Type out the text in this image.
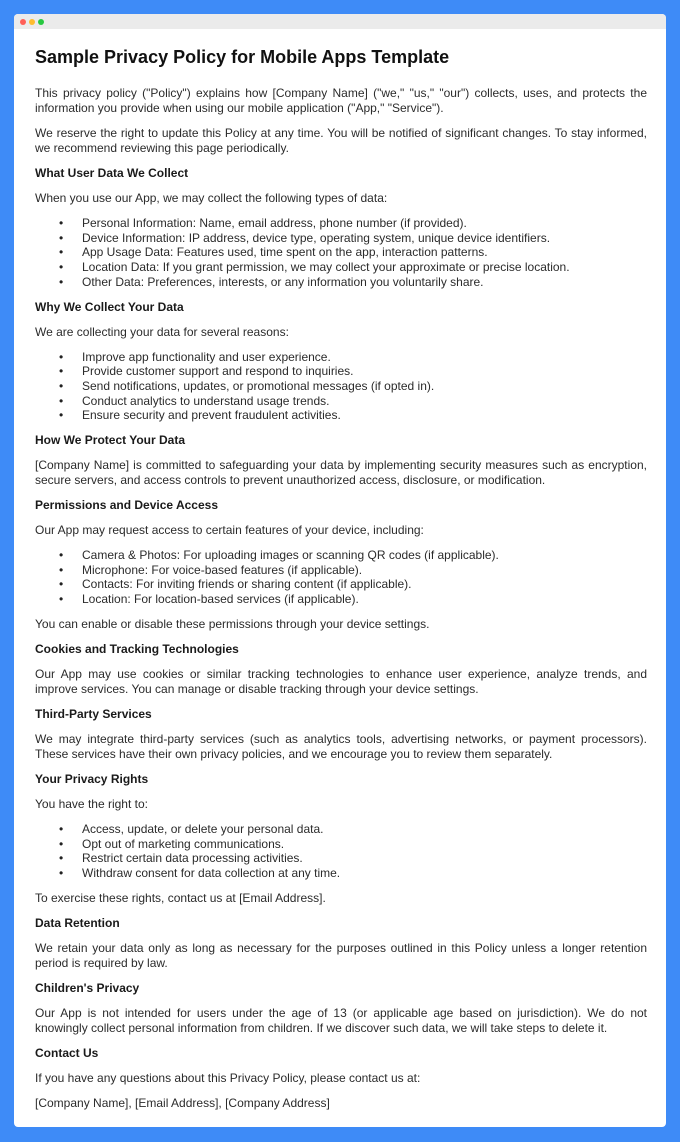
Sample Privacy Policy for Mobile Apps Template

This privacy policy ("Policy") explains how [Company Name] ("we," "us," "our") collects, uses, and protects the information you provide when using our mobile application ("App," "Service").

We reserve the right to update this Policy at any time. You will be notified of significant changes. To stay informed, we recommend reviewing this page periodically.

What User Data We Collect

When you use our App, we may collect the following types of data:

• Personal Information: Name, email address, phone number (if provided).
• Device Information: IP address, device type, operating system, unique device identifiers.
• App Usage Data: Features used, time spent on the app, interaction patterns.
• Location Data: If you grant permission, we may collect your approximate or precise location.
• Other Data: Preferences, interests, or any information you voluntarily share.
Why We Collect Your Data

We are collecting your data for several reasons:

• Improve app functionality and user experience.
• Provide customer support and respond to inquiries.
• Send notifications, updates, or promotional messages (if opted in).
• Conduct analytics to understand usage trends.
• Ensure security and prevent fraudulent activities.
How We Protect Your Data

[Company Name] is committed to safeguarding your data by implementing security measures such as encryption, secure servers, and access controls to prevent unauthorized access, disclosure, or modification.

Permissions and Device Access

Our App may request access to certain features of your device, including:

• Camera & Photos: For uploading images or scanning QR codes (if applicable).
• Microphone: For voice-based features (if applicable).
• Contacts: For inviting friends or sharing content (if applicable).
• Location: For location-based services (if applicable).

You can enable or disable these permissions through your device settings.

Cookies and Tracking Technologies

Our App may use cookies or similar tracking technologies to enhance user experience, analyze trends, and improve services. You can manage or disable tracking through your device settings.

Third-Party Services

We may integrate third-party services (such as analytics tools, advertising networks, or payment processors). These services have their own privacy policies, and we encourage you to review them separately.

Your Privacy Rights

You have the right to:

• Access, update, or delete your personal data.
• Opt out of marketing communications.
• Restrict certain data processing activities.
• Withdraw consent for data collection at any time.

To exercise these rights, contact us at [Email Address].

Data Retention

We retain your data only as long as necessary for the purposes outlined in this Policy unless a longer retention period is required by law.

Children's Privacy

Our App is not intended for users under the age of 13 (or applicable age based on jurisdiction). We do not knowingly collect personal information from children. If we discover such data, we will take steps to delete it.

Contact Us

If you have any questions about this Privacy Policy, please contact us at:

[Company Name], [Email Address], [Company Address]
